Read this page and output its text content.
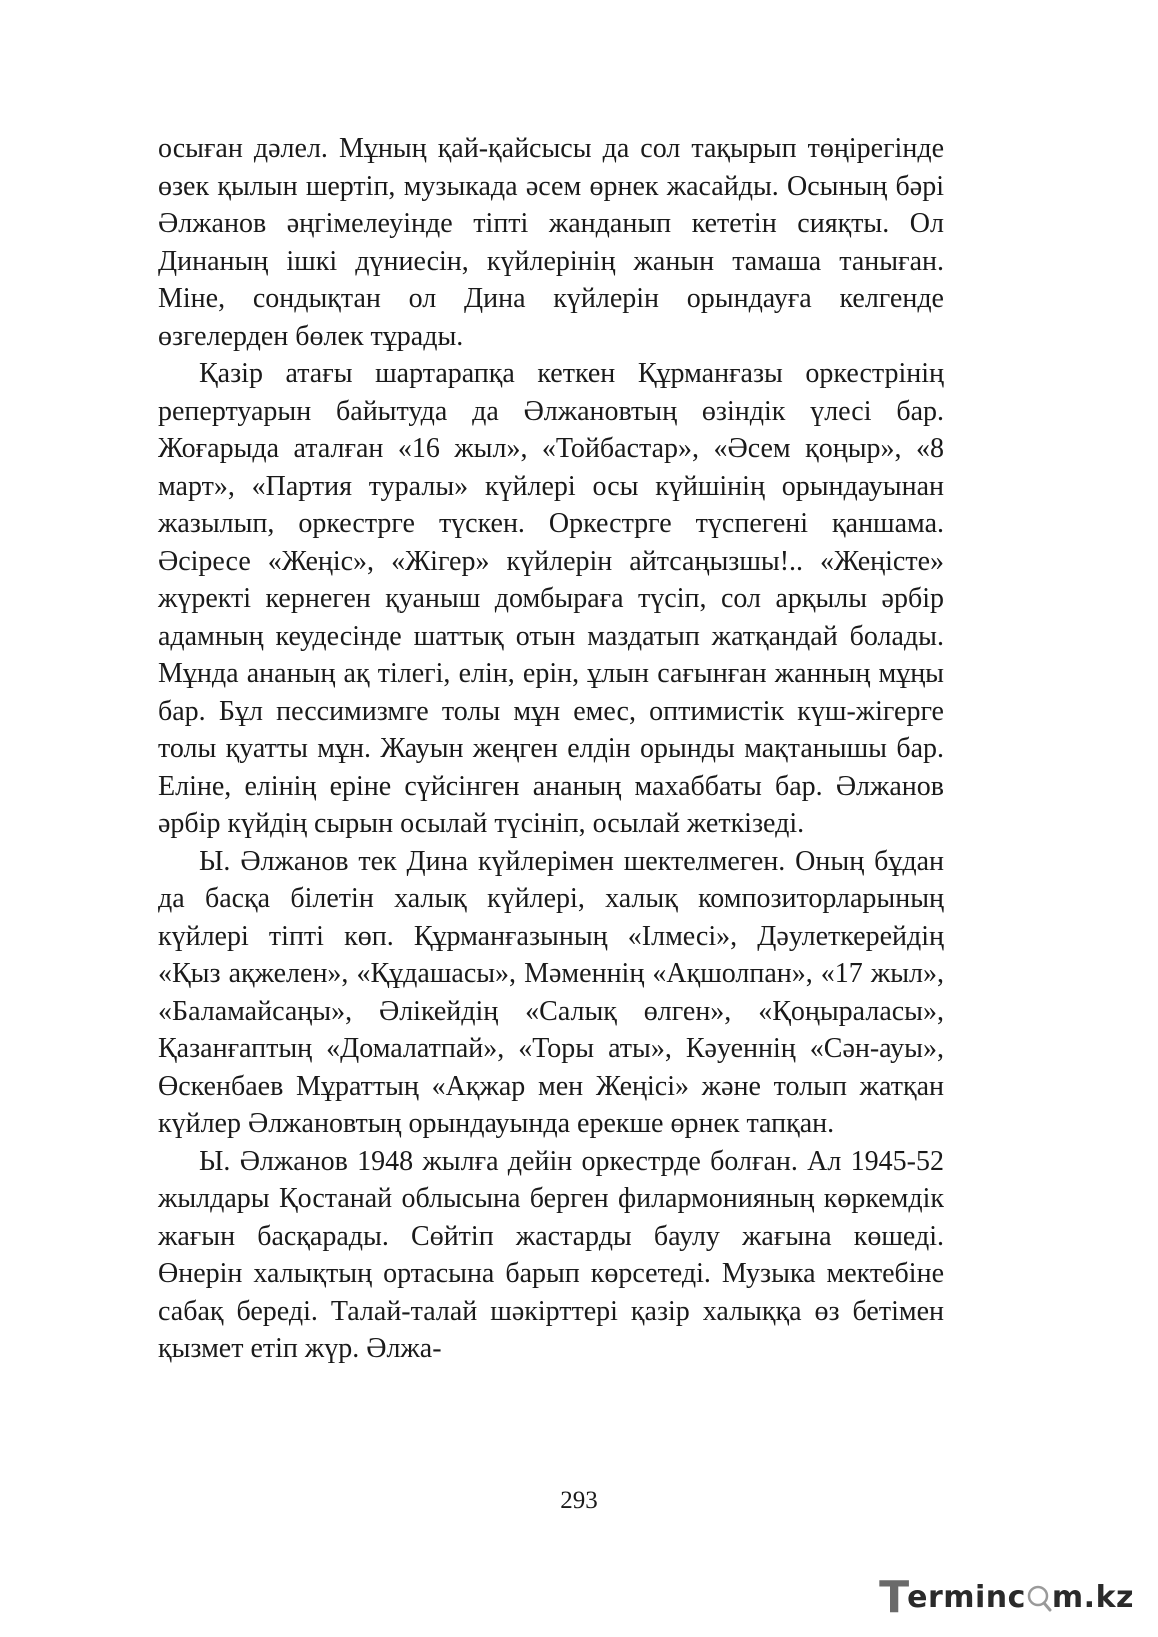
осыған дәлел. Мұның қай-қайсысы да сол тақырып төңірегінде өзек қылын шертіп, музыкада әсем өрнек жасайды. Осының бәрі Әлжанов әңгімелеуінде тіпті жанданып кететін сияқты. Ол Динаның ішкі дүниесін, күйлерінің жанын тамаша таныған. Міне, сондықтан ол Дина күйлерін орындауға келгенде өзгелерден бөлек тұрады.

Қазір атағы шартарапқа кеткен Құрманғазы оркестрінің репертуарын байытуда да Әлжановтың өзіндік үлесі бар. Жоғарыда аталған «16 жыл», «Тойбастар», «Әсем қоңыр», «8 март», «Партия туралы» күйлері осы күйшінің орындауынан жазылып, оркестрге түскен. Оркестрге түспегені қаншама. Әсіресе «Жеңіс», «Жігер» күйлерін айтсаңызшы!.. «Жеңісте» жүректі кернеген қуаныш домбыраға түсіп, сол арқылы әрбір адамның кеудесінде шаттық отын маздатып жатқандай болады. Мұнда ананың ақ тілегі, елін, ерін, ұлын сағынған жанның мұңы бар. Бұл пессимизмге толы мұн емес, оптимистік күш-жігерге толы қуатты мұн. Жауын жеңген елдін орынды мақтанышы бар. Еліне, елінің еріне сүйсінген ананың махаббаты бар. Әлжанов әрбір күйдің сырын осылай түсініп, осылай жеткізеді.

Ы. Әлжанов тек Дина күйлерімен шектелмеген. Оның бұдан да басқа білетін халық күйлері, халық композиторларының күйлері тіпті көп. Құрманғазының «Ілмесі», Дәулеткерейдің «Қыз ақжелен», «Құдашасы», Мәменнің «Ақшолпан», «17 жыл», «Баламайсаңы», Әлікейдің «Салық өлген», «Қоңыраласы», Қазанғаптың «Домалатпай», «Торы аты», Кәуеннің «Сән-ауы», Өскенбаев Мұраттың «Ақжар мен Жеңісі» және толып жатқан күйлер Әлжановтың орындауында ерекше өрнек тапқан.

Ы. Әлжанов 1948 жылға дейін оркестрде болған. Ал 1945-52 жылдары Қостанай облысына берген филармонияның көркемдік жағын басқарады. Сөйтіп жастарды баулу жағына көшеді. Өнерін халықтың ортасына барып көрсетеді. Музыка мектебіне сабақ береді. Талай-талай шәкірттері қазір халыққа өз бетімен қызмет етіп жүр. Әлжа-

293
T
erminc m.kz
